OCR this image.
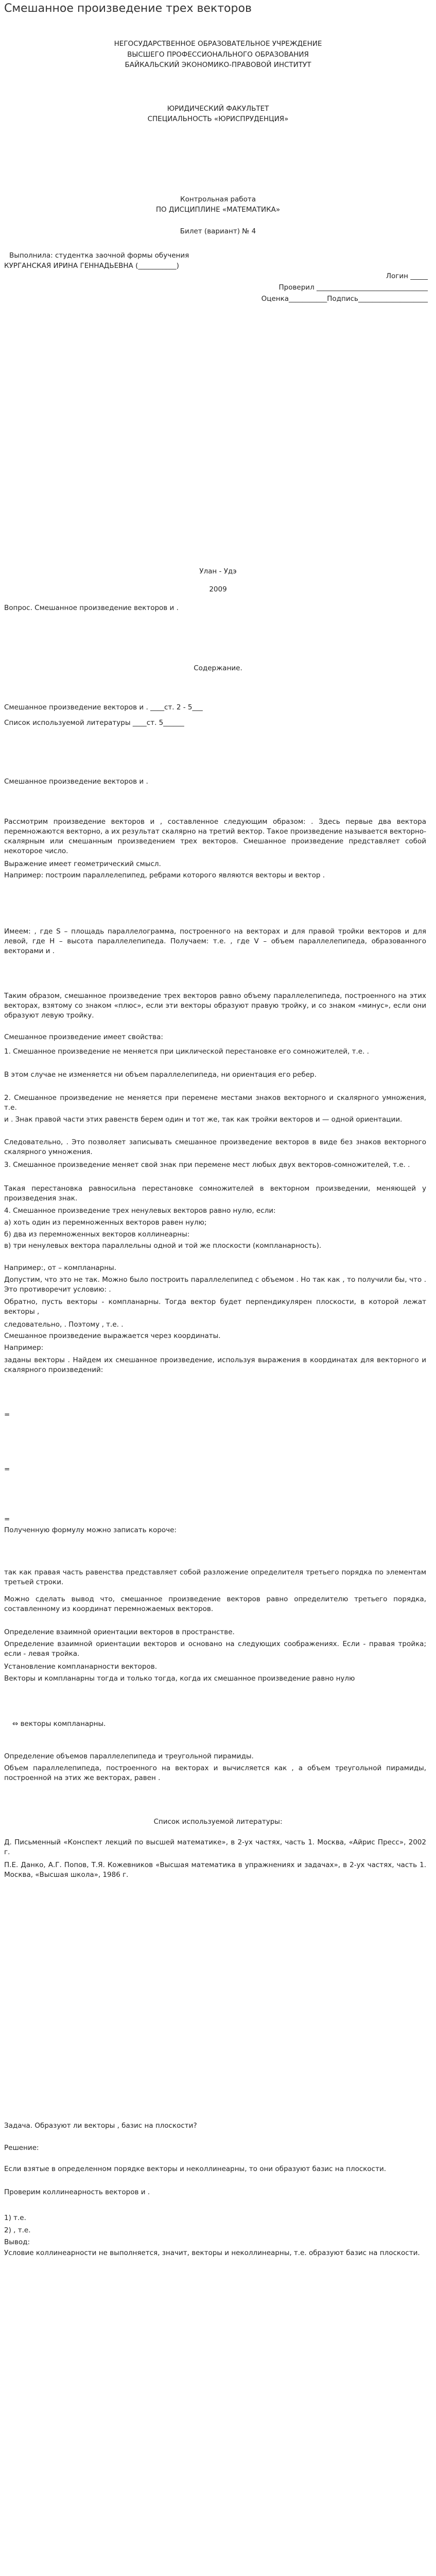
Смешанное произведение трех векторов
НЕГОСУДАРСТВЕННОЕ ОБРАЗОВАТЕЛЬНОЕ УЧРЕЖДЕНИЕ
ВЫСШЕГО ПРОФЕССИОНАЛЬНОГО ОБРАЗОВАНИЯ
БАЙКАЛЬСКИЙ ЭКОНОМИКО-ПРАВОВОЙ ИНСТИТУТ
ЮРИДИЧЕСКИЙ ФАКУЛЬТЕТ
СПЕЦИАЛЬНОСТЬ «ЮРИСПРУДЕНЦИЯ»
Контрольная работа
ПО ДИСЦИПЛИНЕ «МАТЕМАТИКА»
Билет (вариант) № 4
Выполнила: студентка заочной формы обучения
КУРГАНСКАЯ ИРИНА ГЕННАДЬЕВНА (___________)
Логин _____
Проверил ________________________________
Оценка___________Подпись____________________
Улан - Удэ
2009
Вопрос. Смешанное произведение векторов и .
Содержание.
Смешанное произведение векторов и . ____ст. 2 - 5___
Список используемой литературы ____ст. 5______
Смешанное произведение векторов и .
Рассмотрим произведение векторов и , составленное следующим образом: . Здесь первые два вектора перемножаются векторно, а их результат скалярно на третий вектор. Такое произведение называется векторно-скалярным или смешанным произведением трех векторов. Смешанное произведение представляет собой некоторое число.
Выражение имеет геометрический смысл.
Например: построим параллелепипед, ребрами которого являются векторы и вектор .
Имеем: , где S – площадь параллелограмма, построенного на векторах и для правой тройки векторов и для левой, где H – высота параллелепипеда. Получаем: т.е. , где V – объем параллелепипеда, образованного векторами и .
Таким образом, смешанное произведение трех векторов равно объему параллелепипеда, построенного на этих векторах, взятому со знаком «плюс», если эти векторы образуют правую тройку, и со знаком «минус», если они образуют левую тройку.
Смешанное произведение имеет свойства:
1. Смешанное произведение не меняется при циклической перестановке его сомножителей, т.е. .
В этом случае не изменяется ни объем параллелепипеда, ни ориентация его ребер.
2. Смешанное произведение не меняется при перемене местами знаков векторного и скалярного умножения, т.е.
и . Знак правой части этих равенств берем один и тот же, так как тройки векторов и — одной ориентации.
Следовательно, . Это позволяет записывать смешанное произведение векторов в виде без знаков векторного скалярного умножения.
3. Смешанное произведение меняет свой знак при перемене мест любых двух векторов-сомножителей, т.е. .
Такая перестановка равносильна перестановке сомножителей в векторном произведении, меняющей у произведения знак.
4. Смешанное произведение трех ненулевых векторов равно нулю, если:
а) хоть один из перемноженных векторов равен нулю;
б) два из перемноженных векторов коллинеарны:
в) три ненулевых вектора параллельны одной и той же плоскости (компланарность).
Например:, от – компланарны.
Допустим, что это не так. Можно было построить параллелепипед с объемом . Но так как , то получили бы, что . Это противоречит условию: .
Обратно, пусть векторы - компланарны. Тогда вектор будет перпендикулярен плоскости, в которой лежат векторы ,
следовательно, . Поэтому , т.е. .
Смешанное произведение выражается через координаты.
Например:
заданы векторы . Найдем их смешанное произведение, используя выражения в координатах для векторного и скалярного произведений:
=
=
=
Полученную формулу можно записать короче:
так как правая часть равенства представляет собой разложение определителя третьего порядка по элементам третьей строки.
Можно сделать вывод что, смешанное произведение векторов равно определителю третьего порядка, составленному из координат перемножаемых векторов.
Определение взаимной ориентации векторов в пространстве.
Определение взаимной ориентации векторов и основано на следующих соображениях. Если - правая тройка; если - левая тройка.
Установление компланарности векторов.
Векторы и компланарны тогда и только тогда, когда их смешанное произведение равно нулю
⇔ векторы компланарны.
Определение объемов параллелепипеда и треугольной пирамиды.
Объем параллелепипеда, построенного на векторах и вычисляется как , а объем треугольной пирамиды, построенной на этих же векторах, равен .
Список используемой литературы:
Д. Письменный «Конспект лекций по высшей математике», в 2-ух частях, часть 1. Москва, «Айрис Пресс», 2002 г.
П.Е. Данко, А.Г. Попов, Т.Я. Кожевников «Высшая математика в упражнениях и задачах», в 2-ух частях, часть 1. Москва, «Высшая школа», 1986 г.
Задача. Образуют ли векторы , базис на плоскости?
Решение:
Если взятые в определенном порядке векторы и неколлинеарны, то они образуют базис на плоскости.
Проверим коллинеарность векторов и .
1) т.е.
2) , т.е.
Вывод:
Условие коллинеарности не выполняется, значит, векторы и неколлинеарны, т.е. образуют базис на плоскости.
